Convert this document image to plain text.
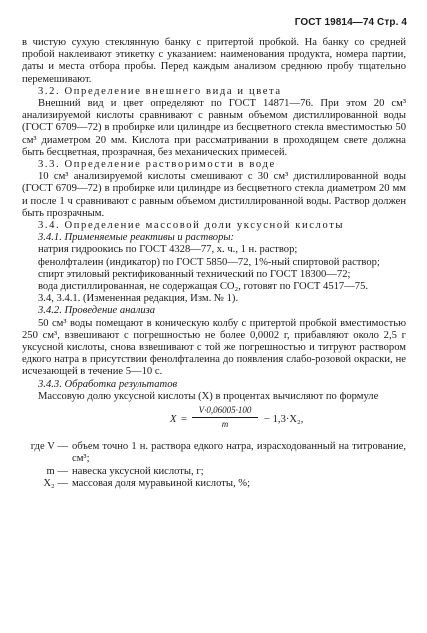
ГОСТ 19814—74 Стр. 4

в чистую сухую стеклянную банку с притертой пробкой. На банку со средней пробой наклеивают этикетку с указанием: наименования продукта, номера партии, даты и места отбора пробы. Перед каждым анализом среднюю пробу тщательно перемешивают.

3.2. Определение внешнего вида и цвета

Внешний вид и цвет определяют по ГОСТ 14871—76. При этом 20 см³ анализируемой кислоты сравнивают с равным объемом дистиллированной воды (ГОСТ 6709—72) в пробирке или цилиндре из бесцветного стекла вместимостью 50 см³ диаметром 20 мм. Кислота при рассматривании в проходящем свете должна быть бесцветная, прозрачная, без механических примесей.

3.3. Определение растворимости в воде

10 см³ анализируемой кислоты смешивают с 30 см³ дистиллированной воды (ГОСТ 6709—72) в пробирке или цилиндре из бесцветного стекла диаметром 20 мм и после 1 ч сравнивают с равным объемом дистиллированной воды. Раствор должен быть прозрачным.

3.4. Определение массовой доли уксусной кислоты

3.4.1. Применяемые реактивы и растворы:

натрия гидроокись по ГОСТ 4328—77, х. ч., 1 н. раствор;

фенолфталеин (индикатор) по ГОСТ 5850—72, 1%-ный спиртовой раствор;

спирт этиловый ректификованный технический по ГОСТ 18300—72;

вода дистиллированная, не содержащая CO₂, готовят по ГОСТ 4517—75.

3.4, 3.4.1. (Измененная редакция, Изм. № 1).

3.4.2. Проведение анализа

50 см³ воды помещают в коническую колбу с притертой пробкой вместимостью 250 см³, взвешивают с погрешностью не более 0,0002 г, прибавляют около 2,5 г уксусной кислоты, снова взвешивают с той же погрешностью и титруют раствором едкого натра в присутствии фенолфталеина до появления слабо-розовой окраски, не исчезающей в течение 5—10 с.

3.4.3. Обработка результатов

Массовую долю уксусной кислоты (X) в процентах вычисляют по формуле

X =
V·0,06005·100
m	− 1,3·X₂,
где V — объем точно 1 н. раствора едкого натра, израсходованный на титрование, см³;
m — навеска уксусной кислоты, г;
X₂ — массовая доля муравьиной кислоты, %;
